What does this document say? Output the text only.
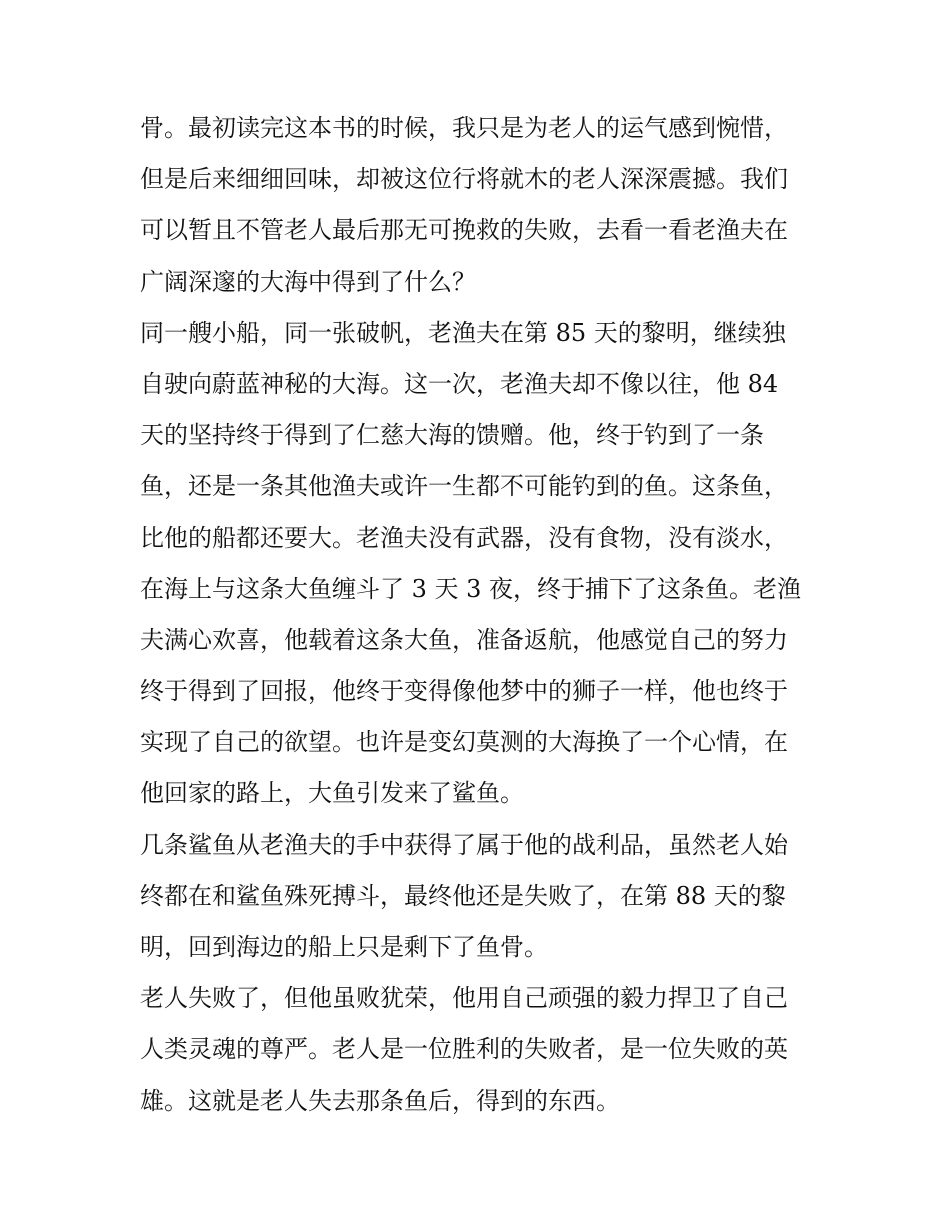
骨。最初读完这本书的时候，我只是为老人的运气感到惋惜，
但是后来细细回味，却被这位行将就木的老人深深震撼。我们
可以暂且不管老人最后那无可挽救的失败，去看一看老渔夫在
广阔深邃的大海中得到了什么？
同一艘小船，同一张破帆，老渔夫在第 85 天的黎明，继续独
自驶向蔚蓝神秘的大海。这一次，老渔夫却不像以往，他 84
天的坚持终于得到了仁慈大海的馈赠。他，终于钓到了一条
鱼，还是一条其他渔夫或许一生都不可能钓到的鱼。这条鱼，
比他的船都还要大。老渔夫没有武器，没有食物，没有淡水，
在海上与这条大鱼缠斗了 3 天 3 夜，终于捕下了这条鱼。老渔
夫满心欢喜，他载着这条大鱼，准备返航，他感觉自己的努力
终于得到了回报，他终于变得像他梦中的狮子一样，他也终于
实现了自己的欲望。也许是变幻莫测的大海换了一个心情，在
他回家的路上，大鱼引发来了鲨鱼。
几条鲨鱼从老渔夫的手中获得了属于他的战利品，虽然老人始
终都在和鲨鱼殊死搏斗，最终他还是失败了，在第 88 天的黎
明，回到海边的船上只是剩下了鱼骨。
老人失败了，但他虽败犹荣，他用自己顽强的毅力捍卫了自己
人类灵魂的尊严。老人是一位胜利的失败者，是一位失败的英
雄。这就是老人失去那条鱼后，得到的东西。
